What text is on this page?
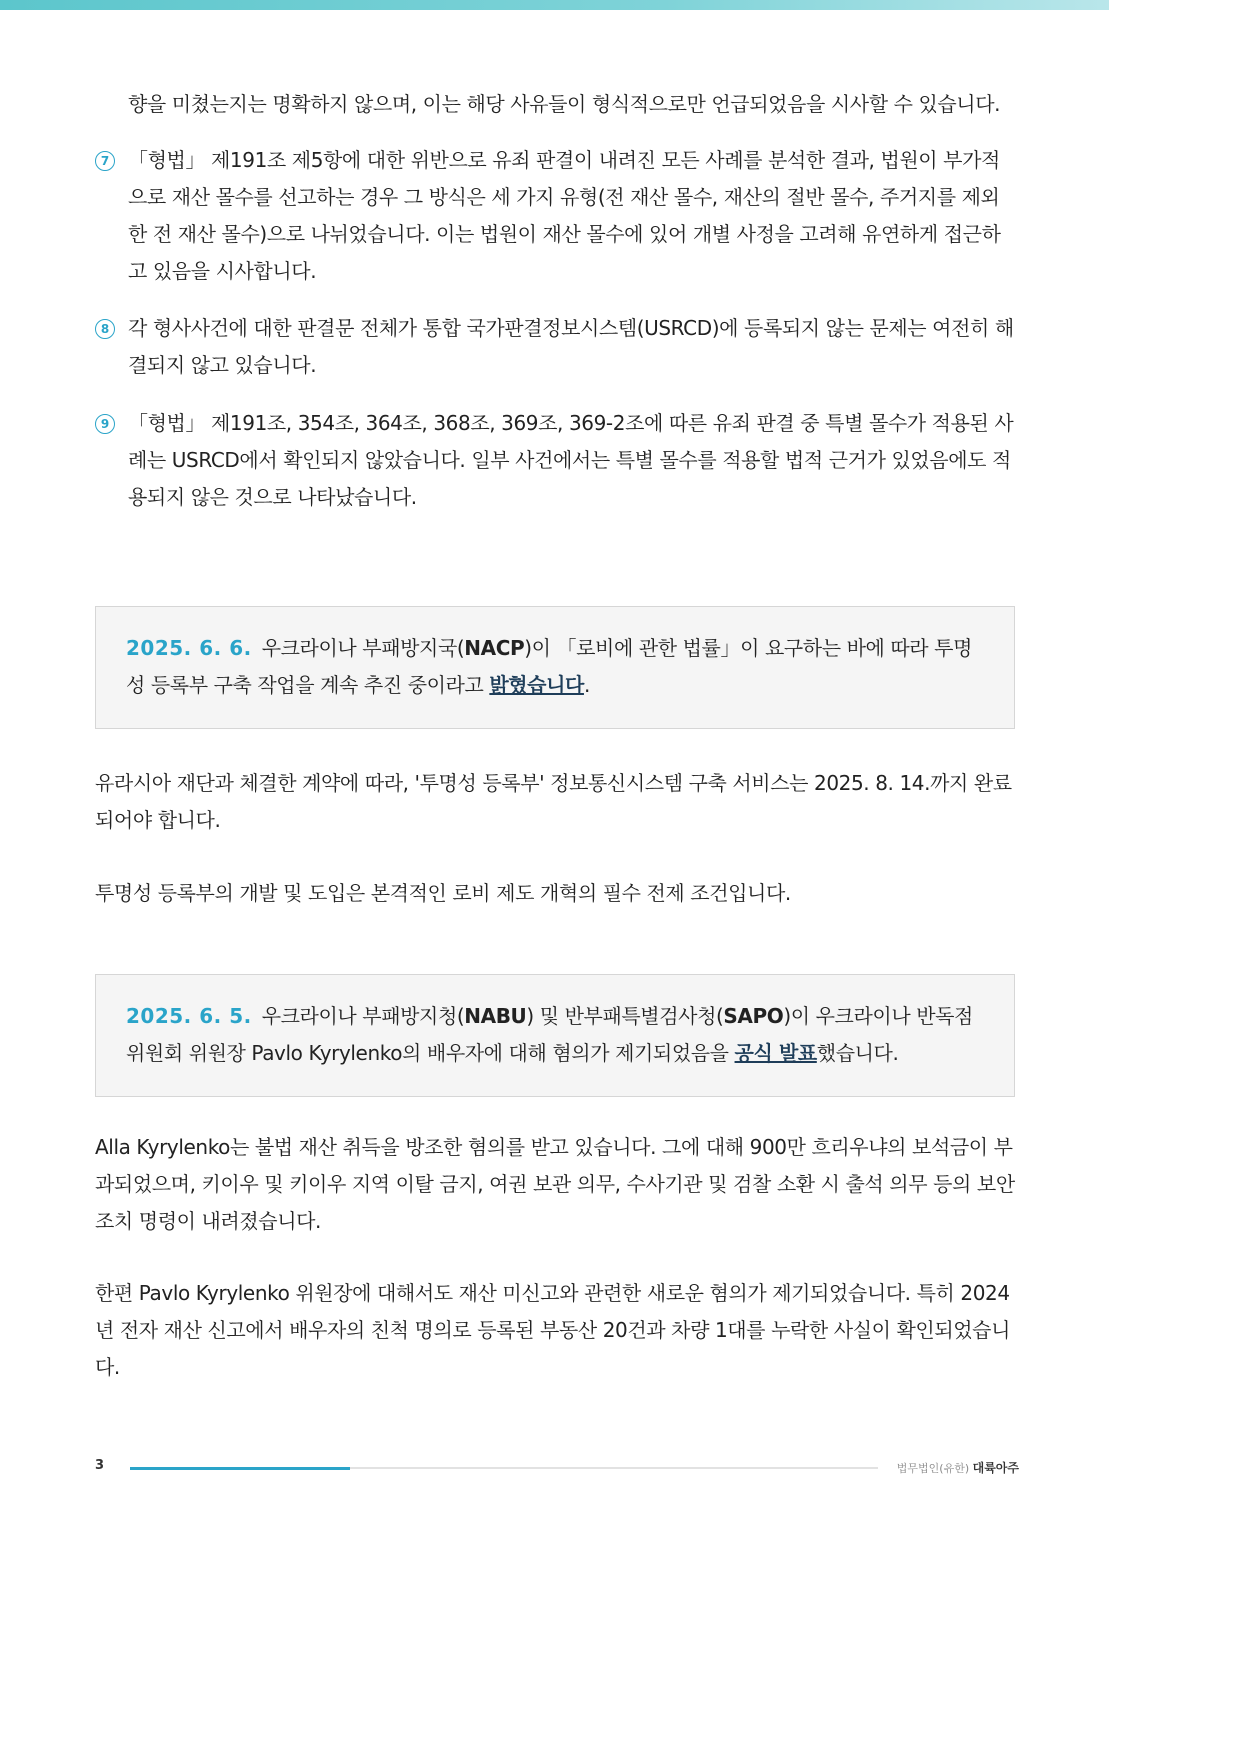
향을 미쳤는지는 명확하지 않으며, 이는 해당 사유들이 형식적으로만 언급되었음을 시사할 수 있습니다.

7 「형법」 제191조 제5항에 대한 위반으로 유죄 판결이 내려진 모든 사례를 분석한 결과, 법원이 부가적으로 재산 몰수를 선고하는 경우 그 방식은 세 가지 유형(전 재산 몰수, 재산의 절반 몰수, 주거지를 제외한 전 재산 몰수)으로 나뉘었습니다. 이는 법원이 재산 몰수에 있어 개별 사정을 고려해 유연하게 접근하고 있음을 시사합니다.
8 각 형사사건에 대한 판결문 전체가 통합 국가판결정보시스템(USRCD)에 등록되지 않는 문제는 여전히 해결되지 않고 있습니다.
9 「형법」 제191조, 354조, 364조, 368조, 369조, 369-2조에 따른 유죄 판결 중 특별 몰수가 적용된 사례는 USRCD에서 확인되지 않았습니다. 일부 사건에서는 특별 몰수를 적용할 법적 근거가 있었음에도 적용되지 않은 것으로 나타났습니다.
2025. 6. 6. 우크라이나 부패방지국(NACP)이 「로비에 관한 법률」이 요구하는 바에 따라 투명성 등록부 구축 작업을 계속 추진 중이라고 밝혔습니다.

유라시아 재단과 체결한 계약에 따라, '투명성 등록부' 정보통신시스템 구축 서비스는 2025. 8. 14.까지 완료되어야 합니다.

투명성 등록부의 개발 및 도입은 본격적인 로비 제도 개혁의 필수 전제 조건입니다.

2025. 6. 5. 우크라이나 부패방지청(NABU) 및 반부패특별검사청(SAPO)이 우크라이나 반독점 위원회 위원장 Pavlo Kyrylenko의 배우자에 대해 혐의가 제기되었음을 공식 발표했습니다.

Alla Kyrylenko는 불법 재산 취득을 방조한 혐의를 받고 있습니다. 그에 대해 900만 흐리우냐의 보석금이 부과되었으며, 키이우 및 키이우 지역 이탈 금지, 여권 보관 의무, 수사기관 및 검찰 소환 시 출석 의무 등의 보안 조치 명령이 내려졌습니다.

한편 Pavlo Kyrylenko 위원장에 대해서도 재산 미신고와 관련한 새로운 혐의가 제기되었습니다. 특히 2024년 전자 재산 신고에서 배우자의 친척 명의로 등록된 부동산 20건과 차량 1대를 누락한 사실이 확인되었습니다.

3	법무법인(유한) 대륙아주
